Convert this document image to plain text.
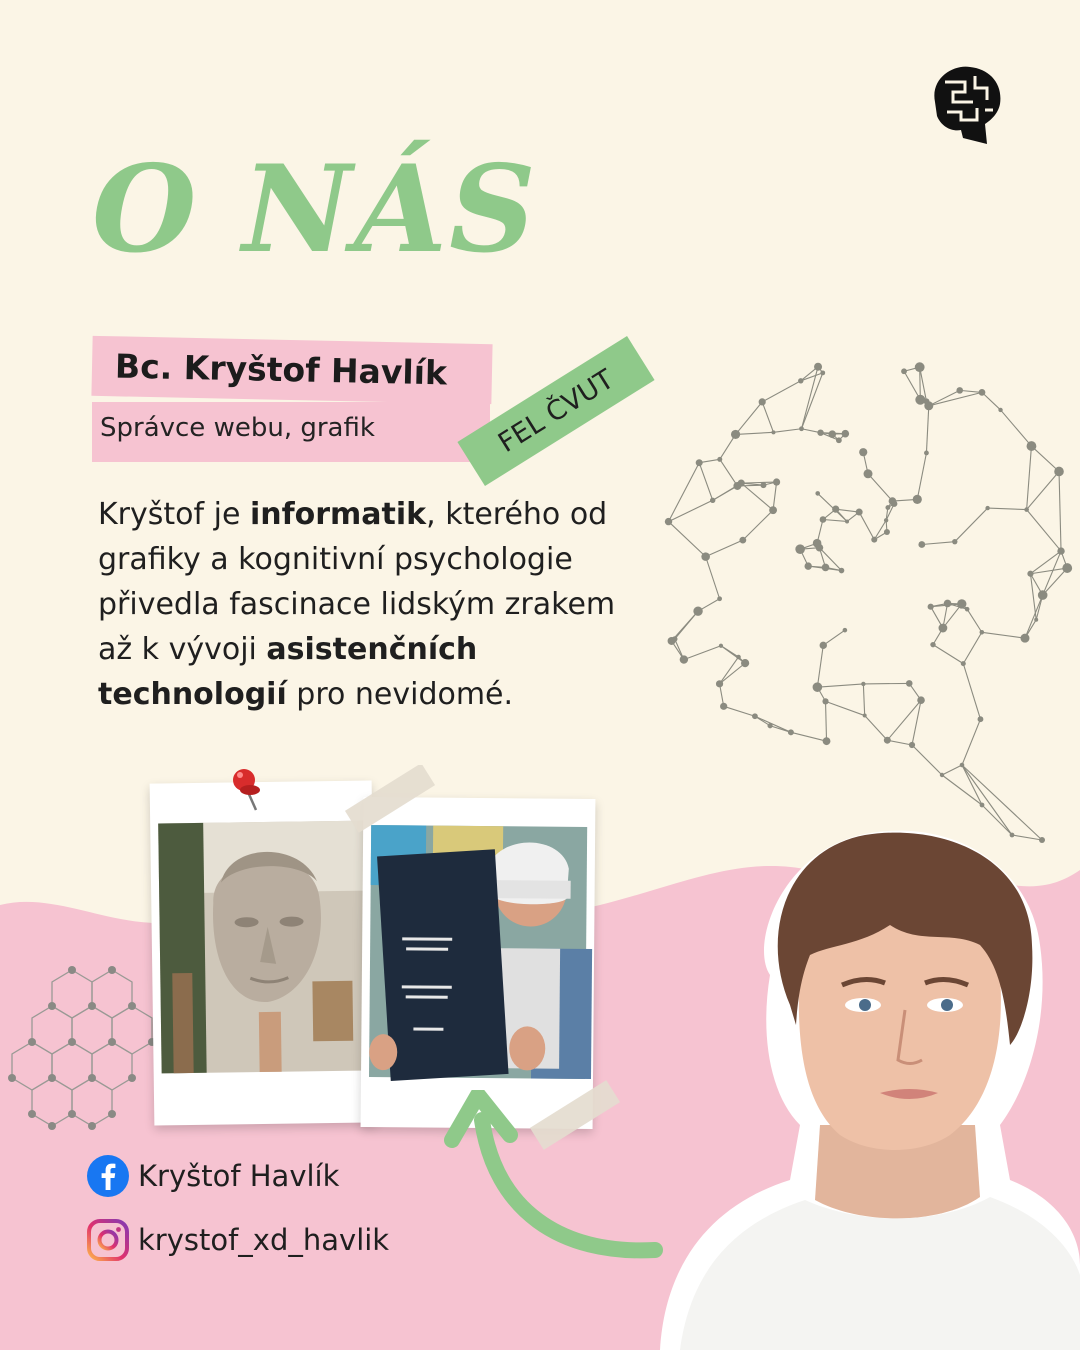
O NÁS
Bc. Kryštof Havlík
Správce webu, grafik	FEL ČVUT
Kryštof je informatik, kterého od grafiky a kognitivní psychologie přivedla fascinace lidským zrakem až k vývoji asistenčních technologií pro nevidomé.
Kryštof Havlík
krystof_xd_havlik
